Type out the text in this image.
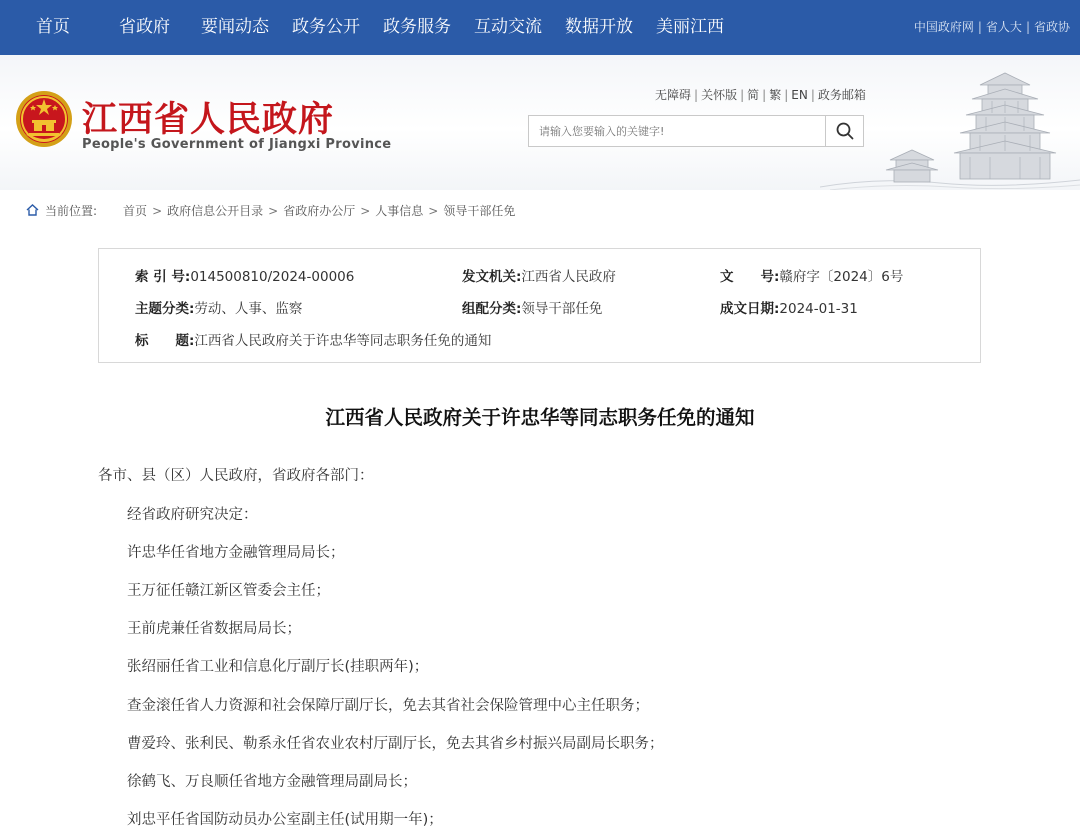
首页	省政府 要闻动态 政务公开 政务服务 互动交流 数据开放 美丽江西	中国政府网 | 省人大 | 省政协
江西省人民政府
People's Government of Jiangxi Province
无障碍 | 关怀版 | 简 | 繁 | EN | 政务邮箱
请输入您要输入的关键字!
当前位置: 首页 > 政府信息公开目录 > 省政府办公厅 > 人事信息 > 领导干部任免
索 引 号:014500810/2024-00006	发文机关:江西省人民政府	文　　号:赣府字〔2024〕6号
主题分类:劳动、人事、监察	组配分类:领导干部任免	成文日期:2024-01-31
标　　题:江西省人民政府关于许忠华等同志职务任免的通知
江西省人民政府关于许忠华等同志职务任免的通知
各市、县（区）人民政府，省政府各部门：
经省政府研究决定：
许忠华任省地方金融管理局局长；
王万征任赣江新区管委会主任；
王前虎兼任省数据局局长；
张绍丽任省工业和信息化厅副厅长(挂职两年)；
查金滚任省人力资源和社会保障厅副厅长，免去其省社会保险管理中心主任职务；
曹爱玲、张利民、勒系永任省农业农村厅副厅长，免去其省乡村振兴局副局长职务；
徐鹤飞、万良顺任省地方金融管理局副局长；
刘忠平任省国防动员办公室副主任(试用期一年)；
